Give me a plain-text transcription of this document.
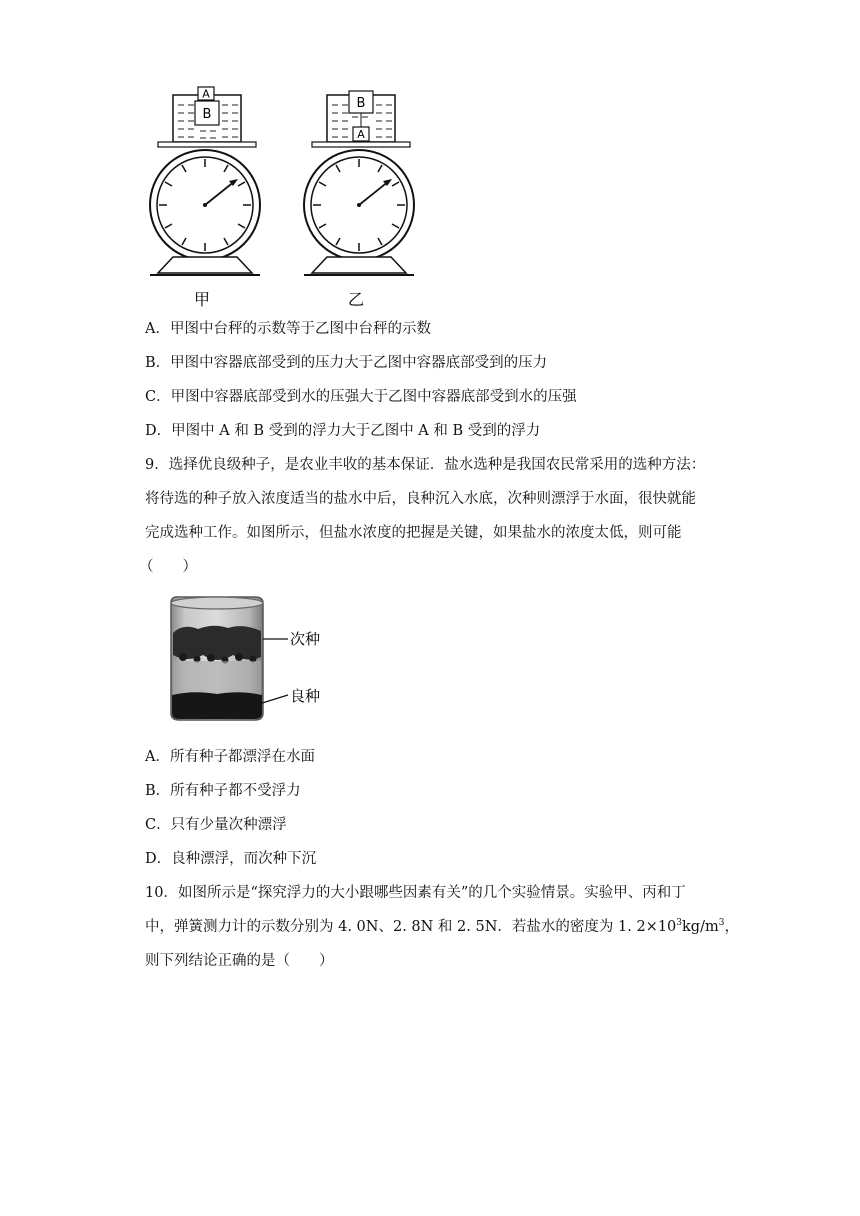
A
B
甲
B
A
乙
A．甲图中台秤的示数等于乙图中台秤的示数
B．甲图中容器底部受到的压力大于乙图中容器底部受到的压力
C．甲图中容器底部受到水的压强大于乙图中容器底部受到水的压强
D．甲图中 A 和 B 受到的浮力大于乙图中 A 和 B 受到的浮力
9．选择优良级种子，是农业丰收的基本保证．盐水选种是我国农民常采用的选种方法：
将待选的种子放入浓度适当的盐水中后，良种沉入水底，次种则漂浮于水面，很快就能
完成选种工作。如图所示，但盐水浓度的把握是关键，如果盐水的浓度太低，则可能
（　　）
次种
良种
A．所有种子都漂浮在水面
B．所有种子都不受浮力
C．只有少量次种漂浮
D．良种漂浮，而次种下沉
10．如图所示是“探究浮力的大小跟哪些因素有关”的几个实验情景。实验甲、丙和丁
中，弹簧测力计的示数分别为 4. 0N、2. 8N 和 2. 5N．若盐水的密度为 1. $2\times 10^3kg/m^3$，
则下列结论正确的是（　　）
